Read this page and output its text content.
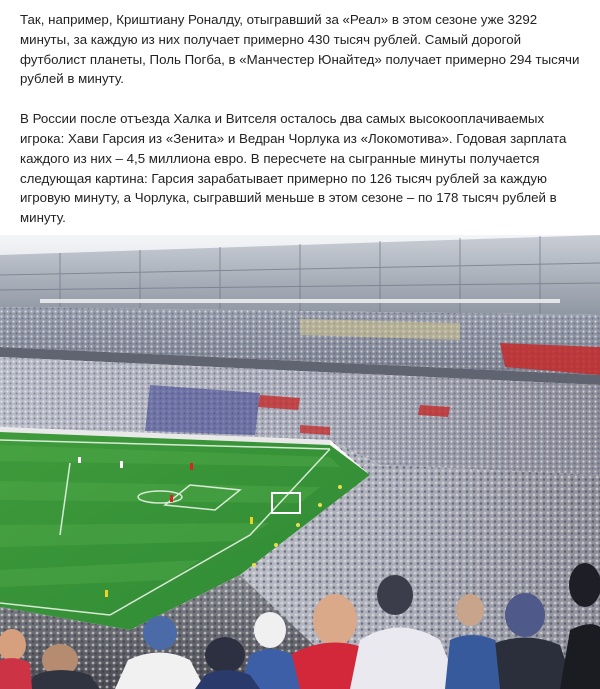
Так, например, Криштиану Роналду, отыгравший за «Реал» в этом сезоне уже 3292 минуты, за каждую из них получает примерно 430 тысяч рублей. Самый дорогой футболист планеты, Поль Погба, в «Манчестер Юнайтед» получает примерно 294 тысячи рублей в минуту.

В России после отъезда Халка и Витселя осталось два самых высокооплачиваемых игрока: Хави Гарсия из «Зенита» и Ведран Чорлука из «Локомотива». Годовая зарплата каждого из них – 4,5 миллиона евро. В пересчете на сыгранные минуты получается следующая картина: Гарсия зарабатывает примерно по 126 тысяч рублей за каждую игровую минуту, а Чорлука, сыгравший меньше в этом сезоне – по 178 тысяч рублей в минуту.
